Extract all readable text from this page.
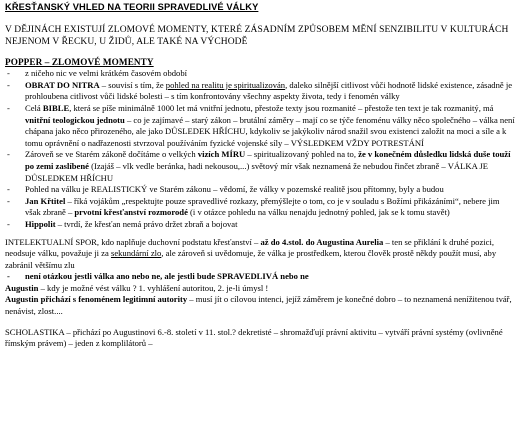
KŘESŤANSKÝ VHLED NA TEORII SPRAVEDLIVÉ VÁLKY
V DĚJINÁCH EXISTUJÍ ZLOMOVÉ MOMENTY, KTERÉ ZÁSADNÍM ZPŮSOBEM MĚNÍ SENZIBILITU V KULTURÁCH NEJENOM V ŘECKU, U ŽIDŮ, ALE TAKÉ NA VÝCHODĚ
POPPER – ZLOMOVÉ MOMENTY
- z ničeho nic ve velmi krátkém časovém období
- OBRAT DO NITRA – souvisí s tím, že pohled na realitu je spiritualizován, daleko silnější citlivost vůči hodnotě lidské existence, zásadně je prohloubena citlivost vůči lidské bolesti – s tím konfrontovány všechny aspekty života, tedy i fenomén války
- Celá BIBLE, která se píše minimálně 1000 let má vnitřní jednotu, přestože texty jsou rozmanité – přestože ten text je tak rozmanitý, má vnitřní teologickou jednotu – co je zajímavé – starý zákon – brutální záměry – mají co se týče fenoménu války něco společného – válka není chápana jako něco přirozeného, ale jako DŮSLEDEK HŘÍCHU, kdykoliv se jakýkoliv národ snažil svou existenci založit na moci a síle a k tomu oprávnění o nadřazenosti stvrzoval používáním fyzické vojenské síly – VÝSLEDKEM VŽDY POTRESTÁNÍ
- Zároveň se ve Starém zákoně dočítáme o velkých vizích MÍRU – spiritualizovaný pohled na to, že v konečném důsledku lidská duše touží po zemi zaslíbené (Izajáš – vlk vedle beránka, hadi nekousou,...) světový mír však neznamená že nebudou řinčet zbraně – VÁLKA JE DŮSLEDKEM HŘÍCHU
- Pohled na válku je REALISTICKÝ ve Starém zákonu – vědomí, že války v pozemské realitě jsou přítomny, byly a budou
- Jan Křtitel – říká vojákům „respektujte pouze spravedlivé rozkazy, přemýšlejte o tom, co je v souladu s Božími přikázáními“, nebere jim však zbraně – prvotní křesťanství rozmorodé (i v otázce pohledu na válku nenajdu jednotný pohled, jak se k tomu stavět)
- Hippolit – tvrdí, že křesťan nemá právo držet zbraň a bojovat
INTELEKTUALNÍ SPOR, kdo naplňuje duchovní podstatu křesťanství – až do 4.stol. do Augustina Aurelia – ten se přiklání k druhé pozici, neodsuje válku, považuje ji za sekundární zlo, ale zároveň si uvědomuje, že válka je prostředkem, kterou člověk prostě někdy použít musí, aby zabránil většímu zlu
- není otázkou jestli válka ano nebo ne, ale jestli bude SPRAVEDLIVÁ nebo ne
Augustin – kdy je možné vést válku ? 1. vyhlášení autoritou, 2. je-li úmysl !
Augustin přichází s fenoménem legitimní autority – musí jít o cílovou intenci, jejíž záměrem je konečné dobro – to neznamená nenížitenou tvář, nenávist, zlost....
SCHOLASTIKA – přichází po Augustinovi 6.-8. století v 11. stol.? dekretisté – shromažďují právní aktivitu – vytváří právní systémy (ovlivněné římským právem) – jeden z komplilátorů –
